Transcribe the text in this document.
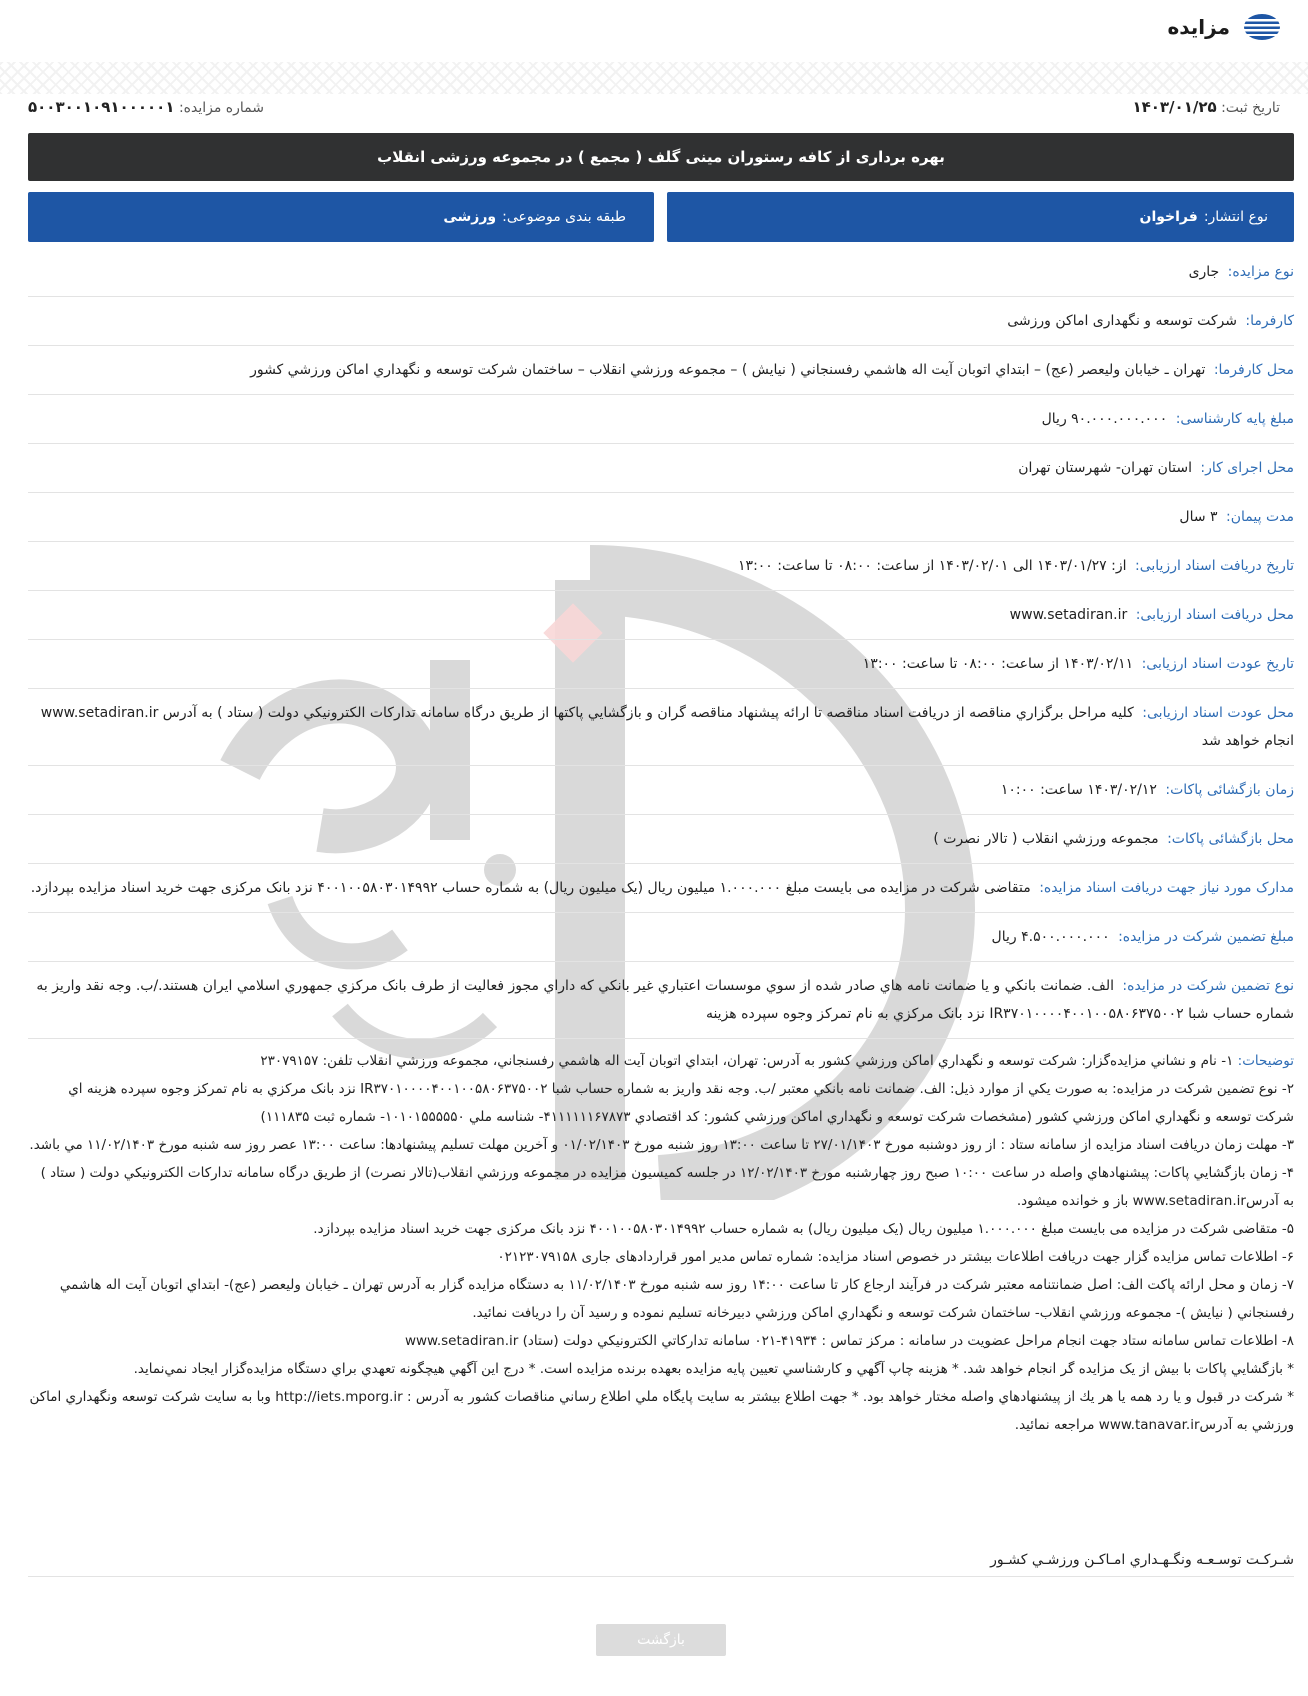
مزایده
تاریخ ثبت: ۱۴۰۳/۰۱/۲۵
شماره مزایده: ۵۰۰۳۰۰۱۰۹۱۰۰۰۰۰۱
بهره برداری از کافه رستوران مینی گلف ( مجمع ) در مجموعه ورزشی انقلاب
نوع انتشار:
فراخوان
طبقه بندی موضوعی:
ورزشی
نوع مزایده: جاری
کارفرما: شرکت توسعه و نگهداری اماکن ورزشی
محل کارفرما: تهران ـ خیابان ولیعصر (عج) – ابتداي اتوبان آیت اله هاشمي رفسنجاني ( نیایش ) – مجموعه ورزشي انقلاب – ساختمان شرکت توسعه و نگهداري اماکن ورزشي کشور
مبلغ پایه کارشناسی: ۹۰.۰۰۰.۰۰۰.۰۰۰ ریال
محل اجرای کار: استان تهران- شهرستان تهران
مدت پیمان: ۳ سال
تاریخ دریافت اسناد ارزیابی: از: ۱۴۰۳/۰۱/۲۷ الی ۱۴۰۳/۰۲/۰۱ از ساعت: ۰۸:۰۰ تا ساعت: ۱۳:۰۰
محل دریافت اسناد ارزیابی: www.setadiran.ir
تاریخ عودت اسناد ارزیابی: ۱۴۰۳/۰۲/۱۱ از ساعت: ۰۸:۰۰ تا ساعت: ۱۳:۰۰
محل عودت اسناد ارزیابی: کلیه مراحل برگزاري مناقصه از دریافت اسناد مناقصه تا ارائه پیشنهاد مناقصه گران و بازگشايي پاکتها از طریق درگاه سامانه تدارکات الکترونیکي دولت ( ستاد ) به آدرس www.setadiran.ir انجام خواهد شد
زمان بازگشائی پاکات: ۱۴۰۳/۰۲/۱۲ ساعت: ۱۰:۰۰
محل بازگشائی پاکات: مجموعه ورزشي انقلاب ( تالار نصرت )
مدارک مورد نیاز جهت دریافت اسناد مزایده: متقاضی شرکت در مزایده می بایست مبلغ ۱.۰۰۰.۰۰۰ میلیون ریال (یک میلیون ریال) به شماره حساب ۴۰۰۱۰۰۵۸۰۳۰۱۴۹۹۲ نزد بانک مرکزی جهت خرید اسناد مزایده بپردازد.
مبلغ تضمین شرکت در مزایده: ۴.۵۰۰.۰۰۰.۰۰۰ ریال
نوع تضمین شرکت در مزایده: الف. ضمانت بانکي و یا ضمانت نامه هاي صادر شده از سوي موسسات اعتباري غیر بانکي که داراي مجوز فعالیت از طرف بانک مرکزي جمهوري اسلامي ایران هستند./ب. وجه نقد واریز به شماره حساب شبا IR۳۷۰۱۰۰۰۰۴۰۰۱۰۰۵۸۰۶۳۷۵۰۰۲ نزد بانک مرکزي به نام تمرکز وجوه سپرده هزینه

توضیحات: ۱- نام و نشاني مزایده‌گزار: شرکت توسعه و نگهداري اماکن ورزشي کشور به آدرس: تهران، ابتداي اتوبان آیت اله هاشمي رفسنجاني، مجموعه ورزشي انقلاب تلفن: ۲۳۰۷۹۱۵۷

۲- نوع تضمین شرکت در مزایده: به صورت يكي از موارد ذیل: الف. ضمانت نامه بانکي معتبر /ب. وجه نقد واریز به شماره حساب شبا IR۳۷۰۱۰۰۰۰۴۰۰۱۰۰۵۸۰۶۳۷۵۰۰۲ نزد بانک مرکزي به نام تمرکز وجوه سپرده هزینه اي شرکت توسعه و نگهداري اماکن ورزشي کشور (مشخصات شرکت توسعه و نگهداري اماکن ورزشي کشور: کد اقتصادي ۴۱۱۱۱۱۱۶۷۸۷۳- شناسه ملي ۱۰۱۰۱۵۵۵۵۵۰- شماره ثبت ۱۱۱۸۳۵)

۳- مهلت زمان دریافت اسناد مزایده از سامانه ستاد : از روز دوشنبه مورخ ۲۷/۰۱/۱۴۰۳ تا ساعت ۱۳:۰۰ روز شنبه مورخ ۰۱/۰۲/۱۴۰۳ و آخرین مهلت تسلیم پیشنهادها: ساعت ۱۳:۰۰ عصر روز سه شنبه مورخ ۱۱/۰۲/۱۴۰۳ مي باشد.

۴- زمان بازگشايي پاکات: پیشنهادهاي واصله در ساعت ۱۰:۰۰ صبح روز چهارشنبه مورخ ۱۲/۰۲/۱۴۰۳ در جلسه کمیسیون مزایده در مجموعه ورزشي انقلاب(تالار نصرت) از طریق درگاه سامانه تدارکات الکترونیکي دولت ( ستاد ) به آدرسwww.setadiran.ir باز و خوانده میشود.

۵- متقاضی شرکت در مزایده می بایست مبلغ ۱.۰۰۰.۰۰۰ میلیون ریال (یک میلیون ریال) به شماره حساب ۴۰۰۱۰۰۵۸۰۳۰۱۴۹۹۲ نزد بانک مرکزی جهت خرید اسناد مزایده بپردازد.

۶- اطلاعات تماس مزایده گزار جهت دریافت اطلاعات بیشتر در خصوص اسناد مزایده: شماره تماس مدیر امور قراردادهای جاری ۰۲۱۲۳۰۷۹۱۵۸

۷- زمان و محل ارائه پاکت الف: اصل ضمانتنامه معتبر شرکت در فرآیند ارجاع کار تا ساعت ۱۴:۰۰ روز سه شنبه مورخ ۱۱/۰۲/۱۴۰۳ به دستگاه مزایده گزار به آدرس تهران ـ خیابان ولیعصر (عج)- ابتداي اتوبان آیت اله هاشمي رفسنجاني ( نیایش )- مجموعه ورزشي انقلاب- ساختمان شرکت توسعه و نگهداري اماکن ورزشي دبیرخانه تسلیم نموده و رسید آن را دریافت نمائید.

۸- اطلاعات تماس سامانه ستاد جهت انجام مراحل عضویت در سامانه : مرکز تماس : ۴۱۹۳۴-۰۲۱ سامانه تدارکاتي الکترونیکي دولت (ستاد) www.setadiran.ir

* بازگشايي پاکات با بیش از یک مزایده گر انجام خواهد شد. * هزینه چاپ آگهي و کارشناسي تعیین پایه مزایده بعهده برنده مزایده است. * درج این آگهي هیچگونه تعهدي براي دستگاه مزایده‌گزار ایجاد نمي‌نماید.

* شرکت در قبول و یا رد همه یا هر یك از پیشنهادهاي واصله مختار خواهد بود. * جهت اطلاع بیشتر به سایت پایگاه ملي اطلاع رساني مناقصات کشور به آدرس : http://iets.mporg.ir وبا به سایت شرکت توسعه ونگهداري اماکن ورزشي به آدرسwww.tanavar.ir مراجعه نمائید.

شـرکـت توسـعـه ونگـهـداري امـاکـن ورزشـي کشـور
بازگشت
